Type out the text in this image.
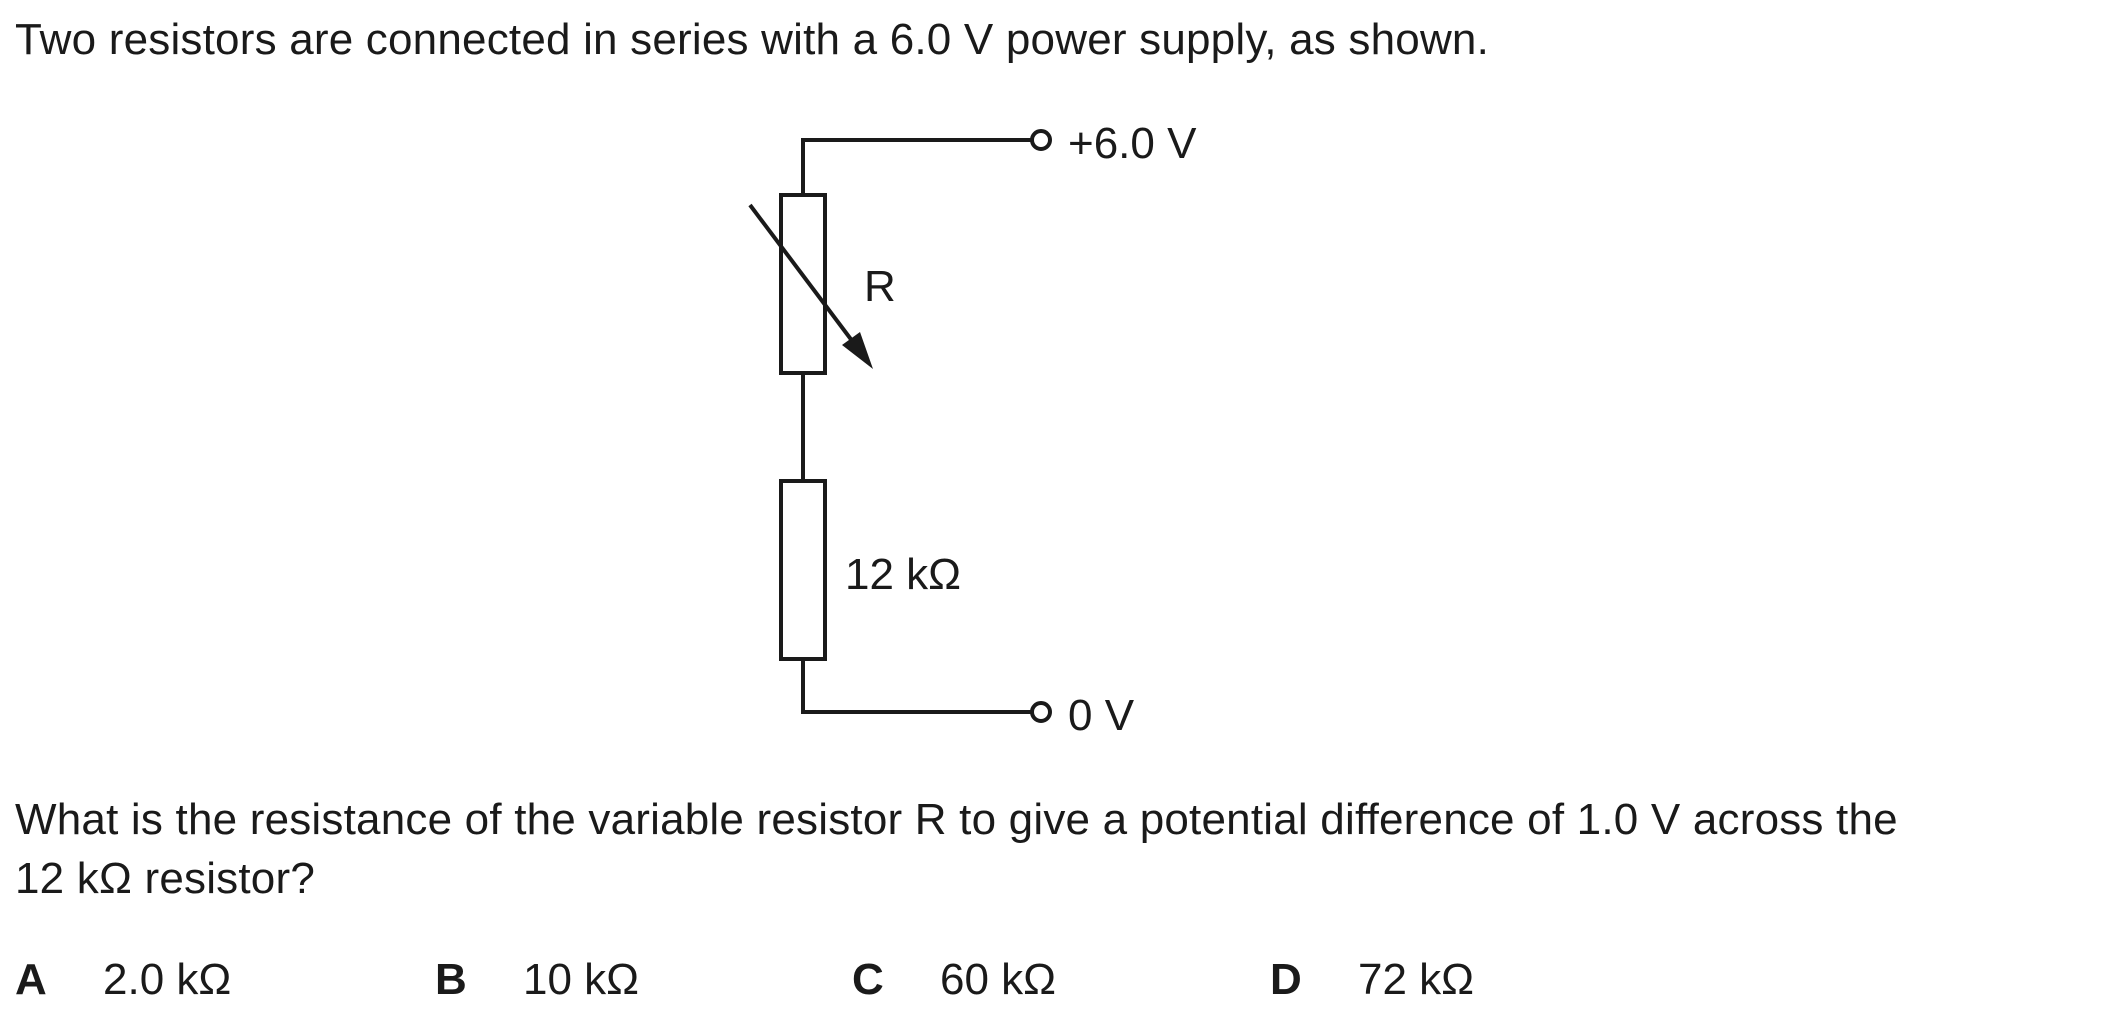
Two resistors are connected in series with a 6.0 V power supply, as shown.
+6.0 V
R
12 kΩ
0 V
What is the resistance of the variable resistor R to give a potential difference of 1.0 V across the
12 kΩ resistor?
A 2.0 kΩ	B 10 kΩ	C 60 kΩ	D 72 kΩ
